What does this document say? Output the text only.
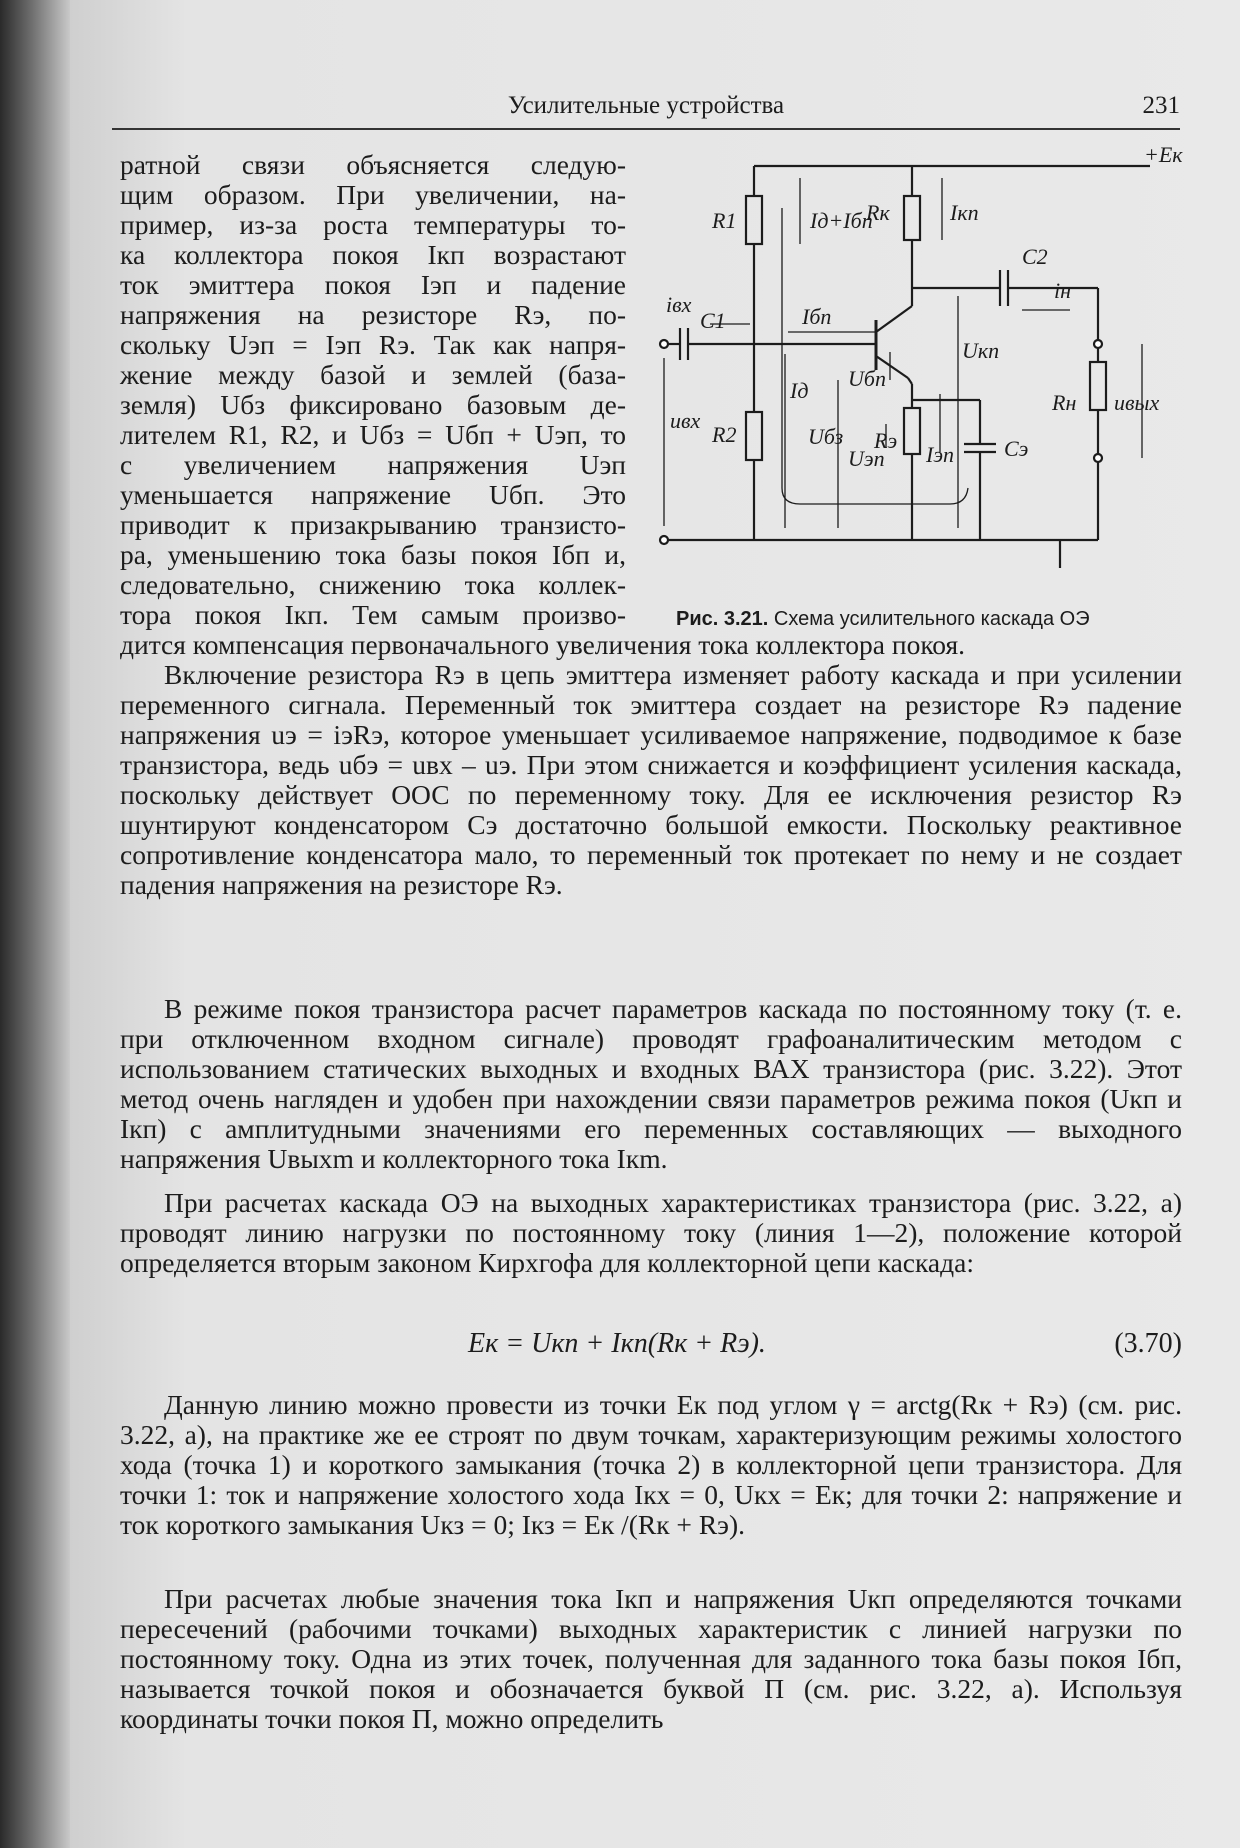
Усилительные устройства	231

ратной связи объясняется следую-

щим образом. При увеличении, на-

пример, из-за роста температуры то-

ка коллектора покоя Iкп возрастают

ток эмиттера покоя Iэп и падение

напряжения на резисторе Rэ, по-

скольку Uэп = Iэп Rэ. Так как напря-

жение между базой и землей (база-

земля) Uбз фиксировано базовым де-

лителем R1, R2, и Uбз = Uбп + Uэп, то

с увеличением напряжения Uэп

уменьшается напряжение Uбп. Это

приводит к призакрыванию транзисто-

ра, уменьшению тока базы покоя Iбп и,

следовательно, снижению тока коллек-

тора покоя Iкп. Тем самым произво-

+Eк
R1	Iд+Iбп
Rк	Iкп
C2
iн
iвх
C1	Iбп
Uкп
Uбп
Iд	Rн uвых
uвх
Uбз Rэ
Uэп Iэп Cэ
R2
Рис. 3.21. Схема усилительного каскада ОЭ
дится компенсация первоначального увеличения тока коллектора покоя.
Включение резистора Rэ в цепь эмиттера изменяет работу каскада и при усилении переменного сигнала. Переменный ток эмиттера создает на резисторе Rэ падение напряжения uэ = iэRэ, которое уменьшает усиливаемое напряжение, подводимое к базе транзистора, ведь uбэ = uвх – uэ. При этом снижается и коэффициент усиления каскада, поскольку действует ООС по переменному току. Для ее исключения резистор Rэ шунтируют конденсатором Cэ достаточно большой емкости. Поскольку реактивное сопротивление конденсатора мало, то переменный ток протекает по нему и не создает падения напряжения на резисторе Rэ.
В режиме покоя транзистора расчет параметров каскада по постоянному току (т. е. при отключенном входном сигнале) проводят графоаналитическим методом с использованием статических выходных и входных ВАХ транзистора (рис. 3.22). Этот метод очень нагляден и удобен при нахождении связи параметров режима покоя (Uкп и Iкп) с амплитудными значениями его переменных составляющих — выходного напряжения Uвыхm и коллекторного тока Iкm.
При расчетах каскада ОЭ на выходных характеристиках транзистора (рис. 3.22, а) проводят линию нагрузки по постоянному току (линия 1—2), положение которой определяется вторым законом Кирхгофа для коллекторной цепи каскада:
Eк = Uкп + Iкп(Rк + Rэ).	(3.70)
Данную линию можно провести из точки Eк под углом γ = arctg(Rк + Rэ) (см. рис. 3.22, а), на практике же ее строят по двум точкам, характеризующим режимы холостого хода (точка 1) и короткого замыкания (точка 2) в коллекторной цепи транзистора. Для точки 1: ток и напряжение холостого хода Iкх = 0, Uкх = Eк; для точки 2: напряжение и ток короткого замыкания Uкз = 0; Iкз = Eк /(Rк + Rэ).
При расчетах любые значения тока Iкп и напряжения Uкп определяются точками пересечений (рабочими точками) выходных характеристик с линией нагрузки по постоянному току. Одна из этих точек, полученная для заданного тока базы покоя Iбп, называется точкой покоя и обозначается буквой П (см. рис. 3.22, а). Используя координаты точки покоя П, можно определить
